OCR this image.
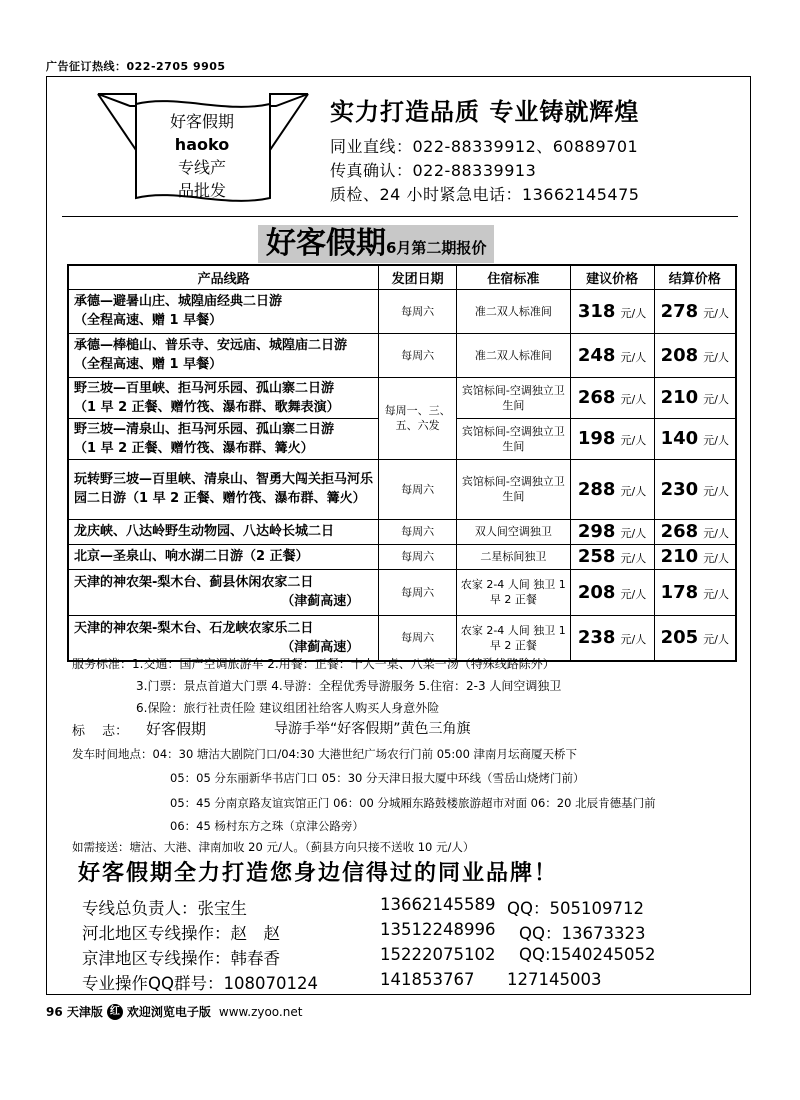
广告征订热线：022-2705 9905
好客假期
haoko
专线产
品批发
实力打造品质 专业铸就辉煌
同业直线：022-88339912、60889701
传真确认：022-88339913
质检、24 小时紧急电话：13662145475
好客假期 6月第二期报价
产品线路	发团日期	住宿标准	建议价格	结算价格
承德—避暑山庄、城隍庙经典二日游
（全程高速、赠 1 早餐）	每周六	准二双人标准间	318 元/人	278 元/人
承德—棒槌山、普乐寺、安远庙、城隍庙二日游
（全程高速、赠 1 早餐）	每周六	准二双人标准间	248 元/人	208 元/人
野三坡—百里峡、拒马河乐园、孤山寨二日游
（1 早 2 正餐、赠竹筏、瀑布群、歌舞表演）	每周一、三、五、六发	宾馆标间-空调独立卫生间	268 元/人	210 元/人
野三坡—清泉山、拒马河乐园、孤山寨二日游
（1 早 2 正餐、赠竹筏、瀑布群、篝火）		宾馆标间-空调独立卫生间	198 元/人	140 元/人
玩转野三坡—百里峡、清泉山、智勇大闯关拒马河乐园二日游（1 早 2 正餐、赠竹筏、瀑布群、篝火）	每周六	宾馆标间-空调独立卫生间	288 元/人	230 元/人
龙庆峡、八达岭野生动物园、八达岭长城二日	每周六	双人间空调独卫	298 元/人	268 元/人
北京—圣泉山、响水湖二日游（2 正餐）	每周六	二星标间独卫	258 元/人	210 元/人
天津的神农架-梨木台、蓟县休闲农家二日
（津蓟高速）	每周六	农家 2-4 人间 独卫 1 早 2 正餐	208 元/人	178 元/人
天津的神农架-梨木台、石龙峡农家乐二日
（津蓟高速）	每周六	农家 2-4 人间 独卫 1 早 2 正餐	238 元/人	205 元/人
服务标准：1.交通：国产空调旅游车 2.用餐：正餐：十人一桌、八菜一汤（特殊线路除外）
3.门票：景点首道大门票 4.导游：全程优秀导游服务 5.住宿：2-3 人间空调独卫
6.保险：旅行社责任险 建议组团社给客人购买人身意外险
标　 志： 好客假期	导游手举“好客假期”黄色三角旗
发车时间地点：04：30 塘沽大剧院门口/04:30 大港世纪广场农行门前 05:00 津南月坛商厦天桥下
05：05 分东丽新华书店门口 05：30 分天津日报大厦中环线（雪岳山烧烤门前）
05：45 分南京路友谊宾馆正门 06：00 分城厢东路鼓楼旅游超市对面 06：20 北辰肯德基门前
06：45 杨村东方之珠（京津公路旁）
如需接送：塘沽、大港、津南加收 20 元/人。（蓟县方向只接不送收 10 元/人）
好客假期全力打造您身边信得过的同业品牌！
专线总负责人：张宝生	13662145589 QQ：505109712
河北地区专线操作：赵　赵	13512248996 QQ：13673323
京津地区专线操作：韩春香	15222075102 QQ:1540245052
专业操作QQ群号：108070124	141853767 127145003
96 天津版 红 欢迎浏览电子版 www.zyoo.net
